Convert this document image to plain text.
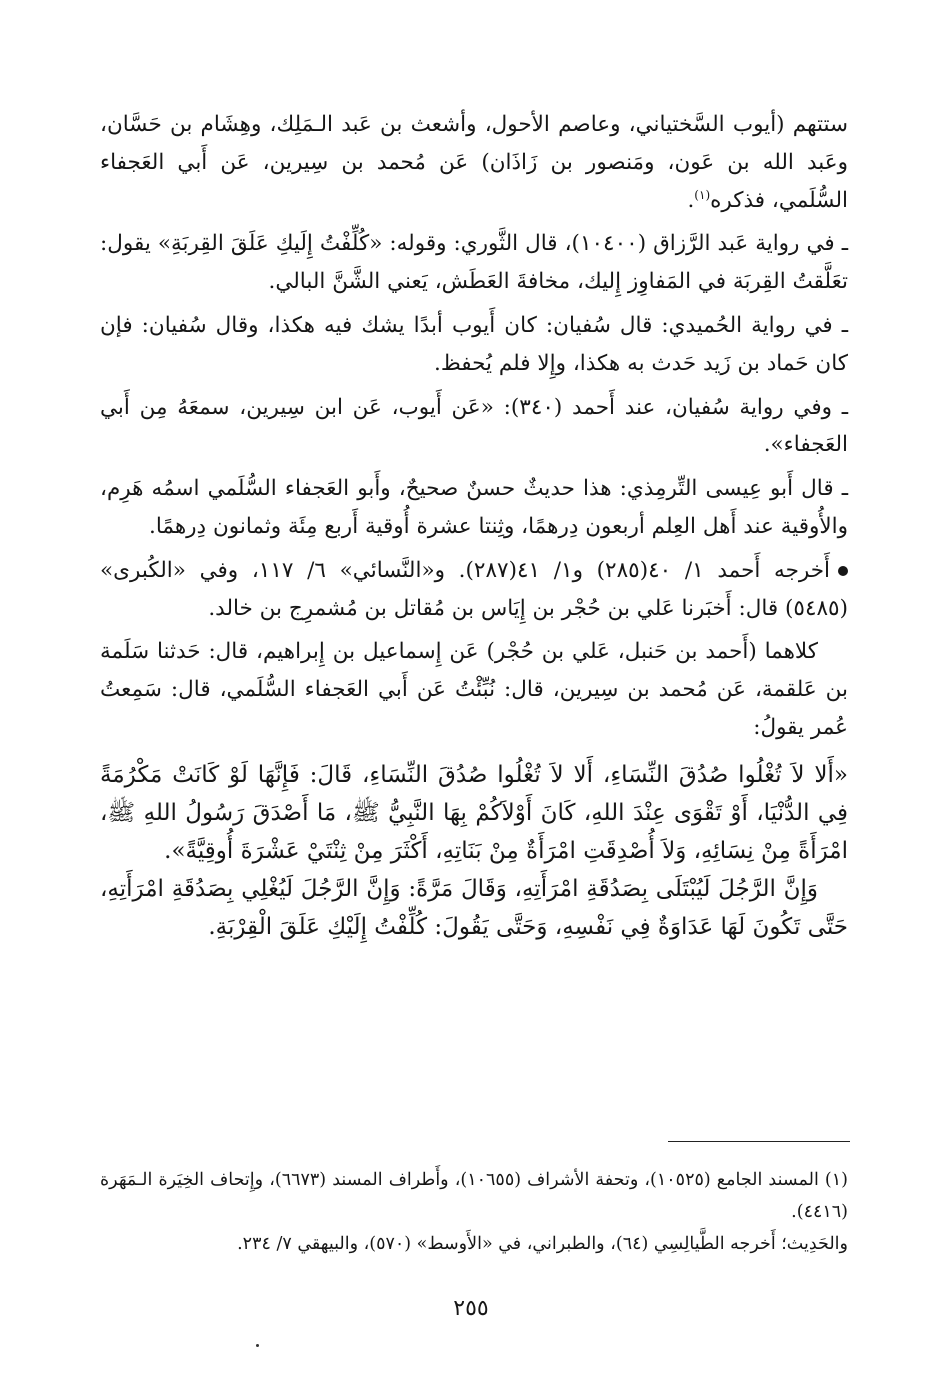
ستتهم (أيوب السَّختياني، وعاصم الأحول، وأشعث بن عَبد الـمَلِك، وهِشَام بن حَسَّان، وعَبد الله بن عَون، ومَنصور بن زَاذَان) عَن مُحمد بن سِيرين، عَن أَبي العَجفاء السُّلَمي، فذكره$^{(١)}$.

ـ في رواية عَبد الرَّزاق (١٠٤٠٠)، قال الثَّوري: وقوله: «كُلِّفْتُ إِلَيكِ عَلَقَ القِربَةِ» يقول: تعَلَّقتُ القِربَة في المَفاوِز إِليك، مخافةَ العَطَش، يَعني الشَّنَّ البالي.

ـ في رواية الحُميدي: قال سُفيان: كان أَيوب أبدًا يشك فيه هكذا، وقال سُفيان: فإن كان حَماد بن زَيد حَدث به هكذا، وإِلا فلم يُحفظ.

ـ وفي رواية سُفيان، عند أَحمد (٣٤٠): «عَن أَيوب، عَن ابن سِيرين، سمعَهُ مِن أَبي العَجفاء».

ـ قال أَبو عِيسى التِّرمِذي: هذا حديثٌ حسنٌ صحيحٌ، وأَبو العَجفاء السُّلَمي اسمُه هَرِم، والأُوقية عند أَهل العِلم أربعون دِرهمًا، وثِنتا عشرة أُوقية أَربع مِئَة وثمانون دِرهمًا.

أَخرجه أَحمد ١/ ٤٠(٢٨٥) و١/ ٤١(٢٨٧). و«النَّسائي» ٦/ ١١٧، وفي «الكُبرى» (٥٤٨٥) قال: أَخبَرنا عَلي بن حُجْر بن إِيَاس بن مُقاتل بن مُشمرِج بن خالد.

كلاهما (أَحمد بن حَنبل، عَلي بن حُجْر) عَن إِسماعيل بن إِبراهيم، قال: حَدثنا سَلَمة بن عَلقمة، عَن مُحمد بن سِيرين، قال: نُبِّئْتُ عَن أَبي العَجفاء السُّلَمي، قال: سَمِعتُ عُمر يقولُ:

«أَلا لاَ تُغْلُوا صُدُقَ النِّسَاءِ، أَلا لاَ تُغْلُوا صُدُقَ النِّسَاءِ، قَالَ: فَإِنَّهَا لَوْ كَانَتْ مَكْرُمَةً فِي الدُّنْيَا، أَوْ تَقْوَى عِنْدَ اللهِ، كَانَ أَوْلاَكُمْ بِهَا النَّبِيُّ ﷺ، مَا أَصْدَقَ رَسُولُ اللهِ ﷺ، امْرَأَةً مِنْ نِسَائِهِ، وَلاَ أُصْدِقَتِ امْرَأَةٌ مِنْ بَنَاتِهِ، أَكْثَرَ مِنْ ثِنْتَيْ عَشْرَةَ أُوقِيَّةً».

وَإِنَّ الرَّجُلَ لَيُبْتَلَى بِصَدُقَةِ امْرَأَتِهِ، وَقَالَ مَرَّةً: وَإِنَّ الرَّجُلَ لَيُغْلِي بِصَدُقَةِ امْرَأَتِهِ، حَتَّى تَكُونَ لَهَا عَدَاوَةٌ فِي نَفْسِهِ، وَحَتَّى يَقُولَ: كُلِّفْتُ إِلَيْكِ عَلَقَ الْقِرْبَةِ.

(١) المسند الجامع (١٠٥٢٥)، وتحفة الأشراف (١٠٦٥٥)، وأَطراف المسند (٦٦٧٣)، وإِتحاف الخِيَرة الـمَهَرة (٤٤١٦).

والحَدِيث؛ أَخرجه الطَّيالِسِي (٦٤)، والطبراني، في «الأَوسط» (٥٧٠)، والبيهقي ٧/ ٢٣٤.

٢٥٥
